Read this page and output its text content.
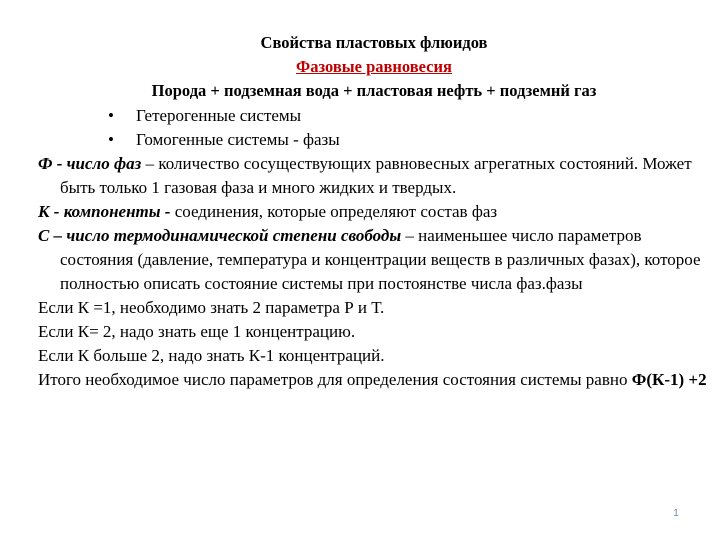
Свойства пластовых флюидов
Фазовые равновесия
Порода + подземная вода + пластовая нефть + подземнй газ
• Гетерогенные системы
• Гомогенные системы - фазы

Ф - число фаз – количество сосуществующих равновесных агрегатных состояний. Может быть только 1 газовая фаза и много жидких и твердых.

К - компоненты - соединения, которые определяют состав фаз

С – число термодинамической степени свободы – наименьшее число параметров состояния (давление, температура и концентрации веществ в различных фазах), которое полностью описать состояние системы при постоянстве числа фаз.фазы

Если К =1, необходимо знать 2 параметра Р и Т.

Если К= 2, надо знать еще 1 концентрацию.

Если К больше 2, надо знать К-1 концентраций.

Итого необходимое число параметров для определения состояния системы равно Ф(К-1) +2

1
